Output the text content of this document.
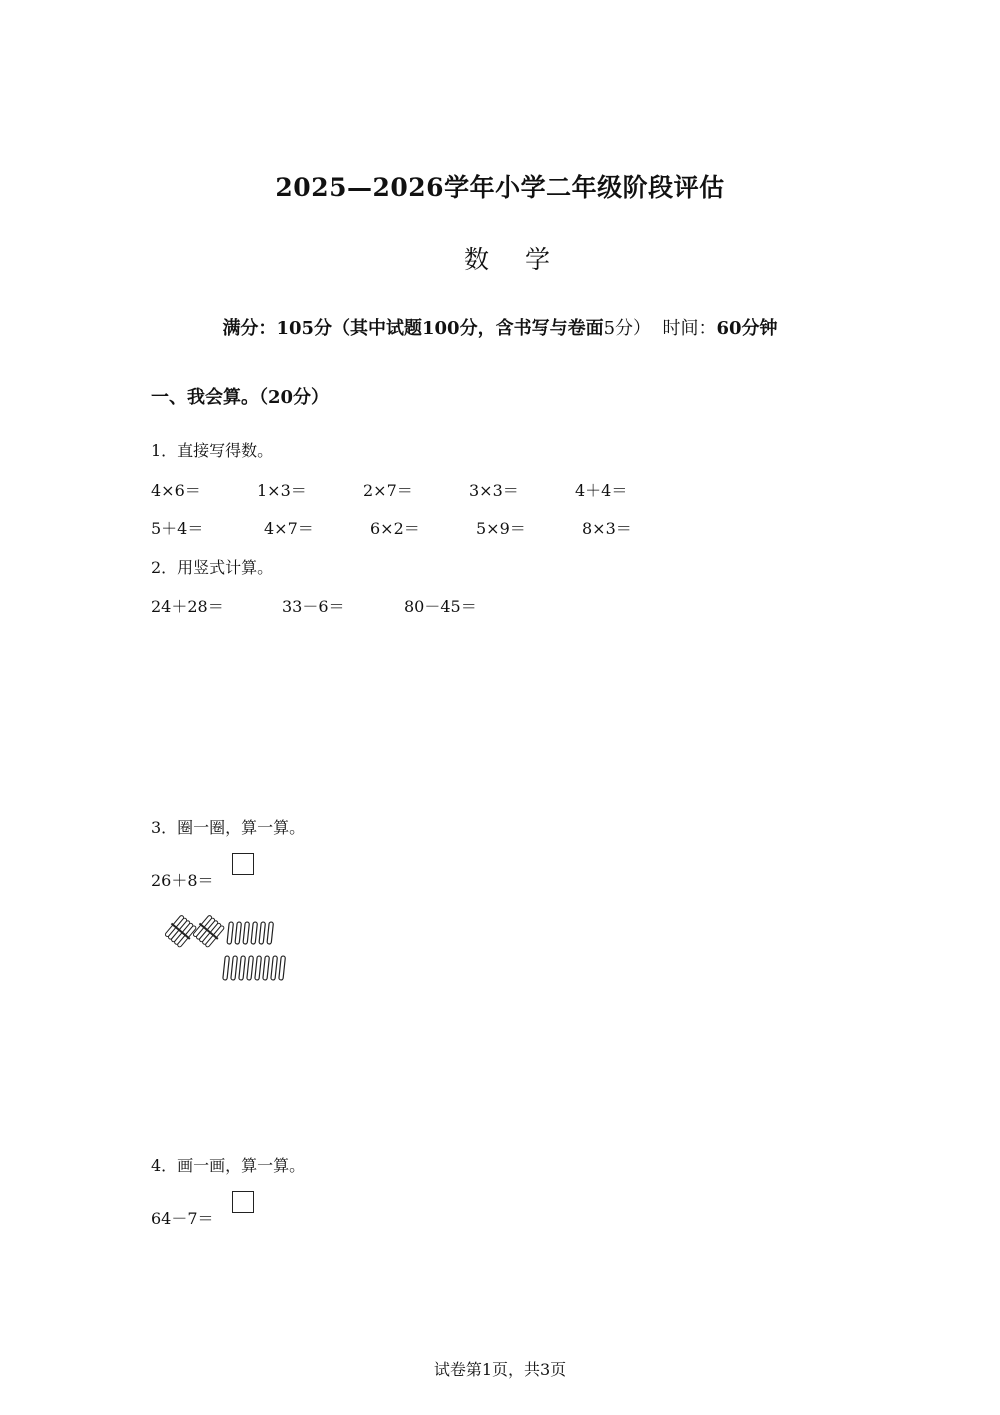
2025—2026学年小学二年级阶段评估
数 学
满分：105分（其中试题100分，含书写与卷面5分） 时间：60分钟
一、我会算。（20分）
1．直接写得数。
4×6＝	1×3＝	2×7＝	3×3＝	4＋4＝
5＋4＝	4×7＝	6×2＝	5×9＝	8×3＝
2．用竖式计算。
24＋28＝	33－6＝	80－45＝
3．圈一圈，算一算。
26＋8＝
4．画一画，算一算。
64－7＝
试卷第1页，共3页
